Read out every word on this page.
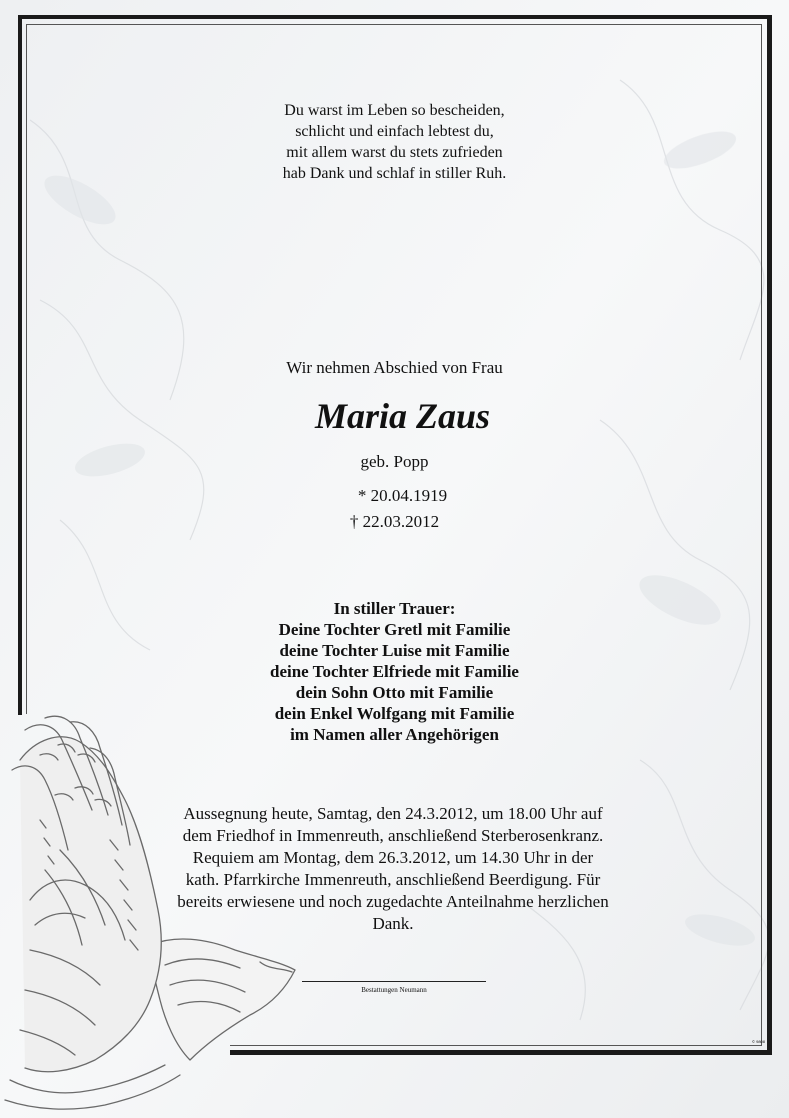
Du warst im Leben so bescheiden,
schlicht und einfach lebtest du,
mit allem warst du stets zufrieden
hab Dank und schlaf in stiller Ruh.
Wir nehmen Abschied von Frau
Maria Zaus
geb. Popp
* 20.04.1919
† 22.03.2012
In stiller Trauer:
Deine Tochter Gretl mit Familie
deine Tochter Luise mit Familie
deine Tochter Elfriede mit Familie
dein Sohn Otto mit Familie
dein Enkel Wolfgang mit Familie
im Namen aller Angehörigen
Aussegnung heute, Samtag, den 24.3.2012, um 18.00 Uhr auf
dem Friedhof in Immenreuth, anschließend Sterberosenkranz.
Requiem am Montag, dem 26.3.2012, um 14.30 Uhr in der
kath. Pfarrkirche Immenreuth, anschließend Beerdigung. Für
bereits erwiesene und noch zugedachte Anteilnahme herzlichen
Dank.
Bestattungen Neumann
© 9808
